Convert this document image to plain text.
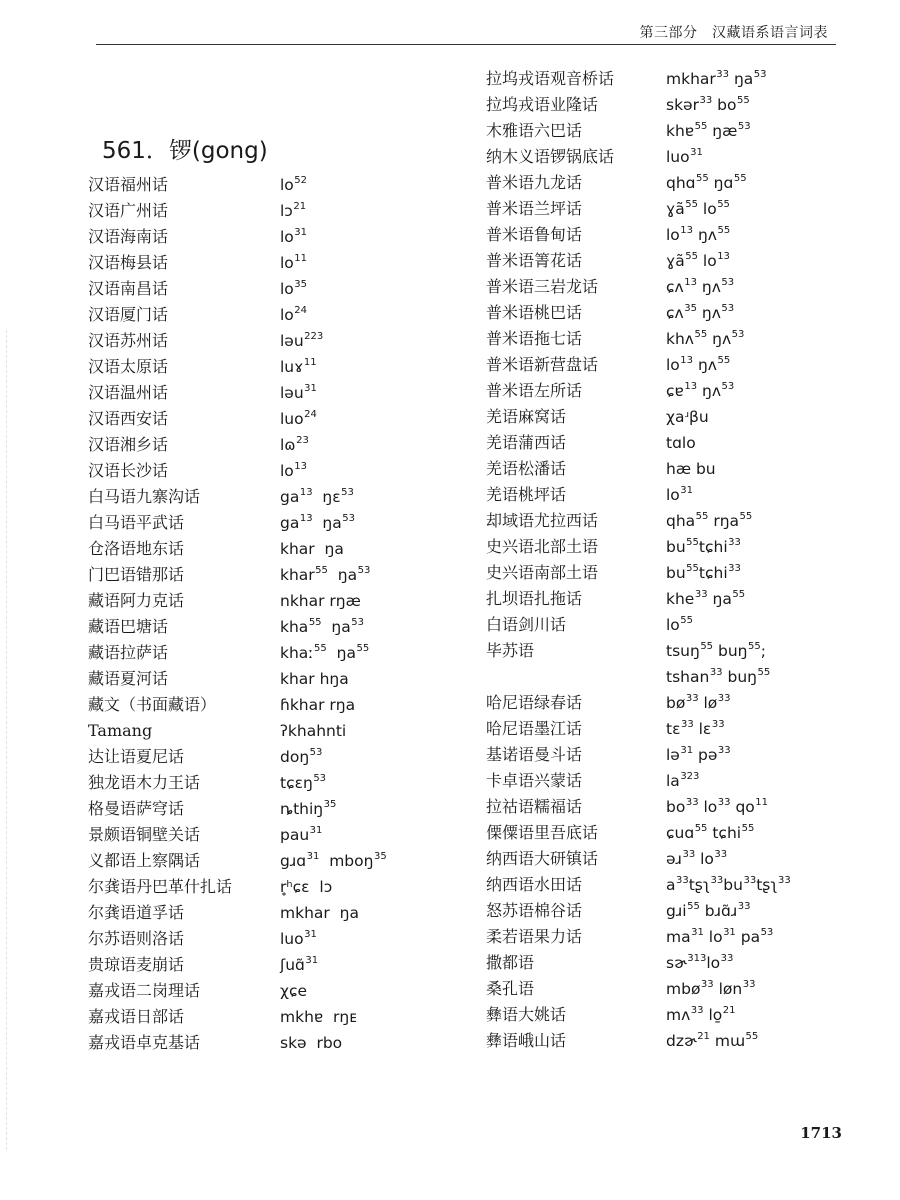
第三部分　汉藏语系语言词表
561．锣(gong)
汉语福州话	$lo^{52}$
汉语广州话	lɔ$^{21}$
汉语海南话	$lo^{31}$
汉语梅县话	$lo^{11}$
汉语南昌话	$lo^{35}$
汉语厦门话	$lo^{24}$
汉语苏州话	ləu$^{223}$
汉语太原话	luɤ$^{11}$
汉语温州话	ləu$^{31}$
汉语西安话	luo$^{24}$
汉语湘乡话	lɷ$^{23}$
汉语长沙话	$lo^{13}$
白马语九寨沟话	$ga^{13}$  ŋɛ$^{53}$
白马语平武话	$ga^{13}$  $ŋa^{53}$
仓洛语地东话	khar  ŋa
门巴语错那话	khar$^{55}$  $ŋa^{53}$
藏语阿力克话	nkhar rŋæ
藏语巴塘话	kha$^{55}$  $ŋa^{53}$
藏语拉萨话	khaː$^{55}$  $ŋa^{55}$
藏语夏河话	khar hŋa
藏文（书面藏语）	ɦkhar rŋa
Tamang	ʔkhahnti
达让语夏尼话	doŋ$^{53}$
独龙语木力王话	tɕɛŋ$^{53}$
格曼语萨穹话	ȵthiŋ$^{35}$
景颇语铜壁关话	pau$^{31}$
义都语上察隅话	gɹɑ$^{31}$  mboŋ$^{35}$
尔龚语丹巴革什扎话	r̥ʰɕɛ  lɔ
尔龚语道孚话	mkhar  ŋa
尔苏语则洛话	luo$^{31}$
贵琼语麦崩话	ʃuɑ̃$^{31}$
嘉戎语二岗理话	χɕe
嘉戎语日部话	mkhɐ  rŋᴇ
嘉戎语卓克基话	skə  rbo
拉坞戎语观音桥话	mkhar$^{33}$ $ŋa^{53}$
拉坞戎语业隆话	skər$^{33}$ $bo^{55}$
木雅语六巴话	khɐ$^{55}$ $ŋæ^{53}$
纳木义语锣锅底话	luo$^{31}$
普米语九龙话	qhɑ$^{55}$ ŋɑ$^{55}$
普米语兰坪话	ɣã$^{55}$ $lo^{55}$
普米语鲁甸话	$lo^{13}$ ŋʌ$^{55}$
普米语箐花话	ɣã$^{55}$ $lo^{13}$
普米语三岩龙话	ɕʌ$^{13}$ ŋʌ$^{53}$
普米语桃巴话	ɕʌ$^{35}$ ŋʌ$^{53}$
普米语拖七话	khʌ$^{55}$ ŋʌ$^{53}$
普米语新营盘话	$lo^{13}$ ŋʌ$^{55}$
普米语左所话	ɕɐ$^{13}$ ŋʌ$^{53}$
羌语麻窝话	χaʴβu
羌语蒲西话	tɑlo
羌语松潘话	hæ bu
羌语桃坪话	$lo^{31}$
却域语尤拉西话	qha$^{55}$ rŋa$^{55}$
史兴语北部土语	$bu^{55}tɕhi^{33}$
史兴语南部土语	$bu^{55}tɕhi^{33}$
扎坝语扎拖话	khe$^{33}$ $ŋa^{55}$
白语剑川话	$lo^{55}$
毕苏语	tsuŋ$^{55}$ buŋ$^{55}$;
tshan$^{33}$ buŋ$^{55}$
哈尼语绿春话	$bø^{33}$ $lø^{33}$
哈尼语墨江话	tɛ$^{33}$ lɛ$^{33}$
基诺语曼斗话	lə$^{31}$ pə$^{33}$
卡卓语兴蒙话	$la^{323}$
拉祜语糯福话	$bo^{33}$ $lo^{33}$ $qo^{11}$
傈僳语里吾底话	ɕuɑ$^{55}$ tɕhi$^{55}$
纳西语大研镇话	əɹ$^{33}$ $lo^{33}$
纳西语水田话	$a^{33}tʂʅ^{33}bu^{33}tʂʅ^{33}$
怒苏语棉谷话	gɹi$^{55}$ bɹɑ̃ɹ$^{33}$
柔若语果力话	$ma^{31}$ $lo^{31}$ $pa^{53}$
撒都语	$sɚ^{313}lo^{33}$
桑孔语	mbø$^{33}$ løn$^{33}$
彝语大姚话	mʌ$^{33}$ lo̱$^{21}$
彝语峨山话	dzɚ$^{21}$ mɯ$^{55}$
1713
